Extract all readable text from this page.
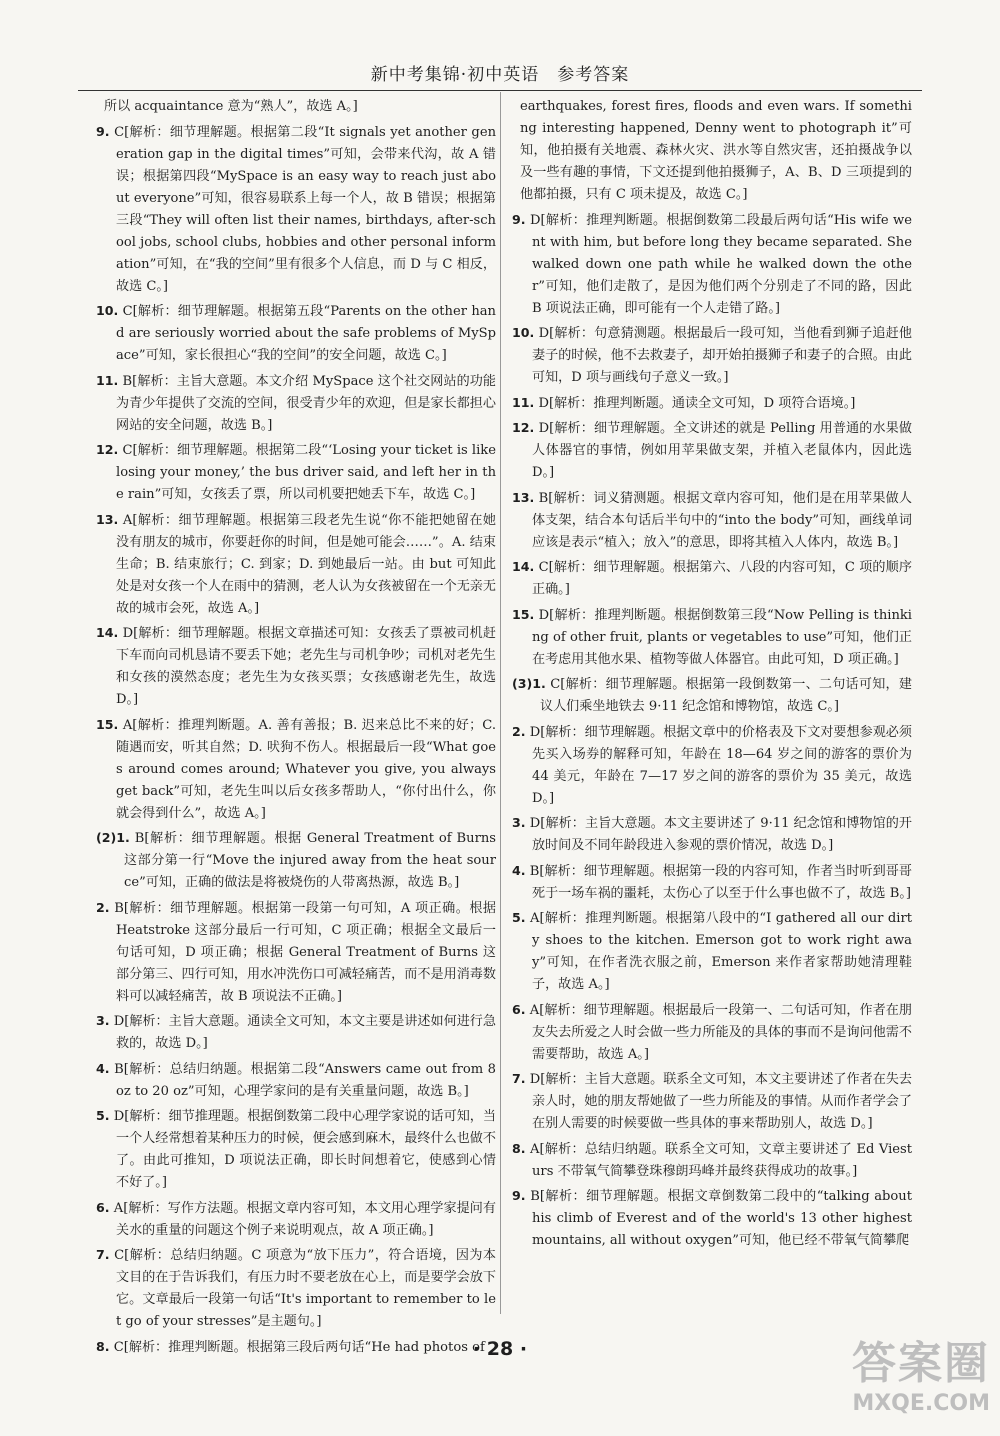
新中考集锦·初中英语　参考答案

所以 acquaintance 意为“熟人”，故选 A。]

9. C[解析：细节理解题。根据第二段“It signals yet another generation gap in the digital times”可知，会带来代沟，故 A 错误；根据第四段“MySpace is an easy way to reach just about everyone”可知，很容易联系上每一个人，故 B 错误；根据第三段“They will often list their names, birthdays, after-school jobs, school clubs, hobbies and other personal information”可知，在“我的空间”里有很多个人信息，而 D 与 C 相反，故选 C。]

10. C[解析：细节理解题。根据第五段“Parents on the other hand are seriously worried about the safe problems of MySpace”可知，家长很担心“我的空间”的安全问题，故选 C。]

11. B[解析：主旨大意题。本文介绍 MySpace 这个社交网站的功能为青少年提供了交流的空间，很受青少年的欢迎，但是家长都担心网站的安全问题，故选 B。]

12. C[解析：细节理解题。根据第二段“‘Losing your ticket is like losing your money,’ the bus driver said, and left her in the rain”可知，女孩丢了票，所以司机要把她丢下车，故选 C。]

13. A[解析：细节理解题。根据第三段老先生说“你不能把她留在她没有朋友的城市，你要赶你的时间，但是她可能会……”。A. 结束生命；B. 结束旅行；C. 到家；D. 到她最后一站。由 but 可知此处是对女孩一个人在雨中的猜测，老人认为女孩被留在一个无亲无故的城市会死，故选 A。]

14. D[解析：细节理解题。根据文章描述可知：女孩丢了票被司机赶下车而向司机恳请不要丢下她；老先生与司机争吵；司机对老先生和女孩的漠然态度；老先生为女孩买票；女孩感谢老先生，故选 D。]

15. A[解析：推理判断题。A. 善有善报；B. 迟来总比不来的好；C. 随遇而安，听其自然；D. 吠狗不伤人。根据最后一段“What goes around comes around; Whatever you give, you always get back”可知，老先生叫以后女孩多帮助人，“你付出什么，你就会得到什么”，故选 A。]

(2)1. B[解析：细节理解题。根据 General Treatment of Burns 这部分第一行“Move the injured away from the heat source”可知，正确的做法是将被烧伤的人带离热源，故选 B。]

2. B[解析：细节理解题。根据第一段第一句可知，A 项正确。根据 Heatstroke 这部分最后一行可知，C 项正确；根据全文最后一句话可知，D 项正确；根据 General Treatment of Burns 这部分第三、四行可知，用水冲洗伤口可减轻痛苦，而不是用消毒数料可以减轻痛苦，故 B 项说法不正确。]

3. D[解析：主旨大意题。通读全文可知，本文主要是讲述如何进行急救的，故选 D。]

4. B[解析：总结归纳题。根据第二段“Answers came out from 8 oz to 20 oz”可知，心理学家问的是有关重量问题，故选 B。]

5. D[解析：细节推理题。根据倒数第二段中心理学家说的话可知，当一个人经常想着某种压力的时候，便会感到麻木，最终什么也做不了。由此可推知，D 项说法正确，即长时间想着它，使感到心情不好了。]

6. A[解析：写作方法题。根据文章内容可知，本文用心理学家提问有关水的重量的问题这个例子来说明观点，故 A 项正确。]

7. C[解析：总结归纳题。C 项意为“放下压力”，符合语境，因为本文目的在于告诉我们，有压力时不要老放在心上，而是要学会放下它。文章最后一段第一句话“It's important to remember to let go of your stresses”是主题句。]

8. C[解析：推理判断题。根据第三段后两句话“He had photos of

earthquakes, forest fires, floods and even wars. If something interesting happened, Denny went to photograph it”可知，他拍摄有关地震、森林火灾、洪水等自然灾害，还拍摄战争以及一些有趣的事情，下文还提到他拍摄狮子，A、B、D 三项提到的他都拍摄，只有 C 项未提及，故选 C。]

9. D[解析：推理判断题。根据倒数第二段最后两句话“His wife went with him, but before long they became separated. She walked down one path while he walked down the other”可知，他们走散了，是因为他们两个分别走了不同的路，因此 B 项说法正确，即可能有一个人走错了路。]

10. D[解析：句意猜测题。根据最后一段可知，当他看到狮子追赶他妻子的时候，他不去救妻子，却开始拍摄狮子和妻子的合照。由此可知，D 项与画线句子意义一致。]

11. D[解析：推理判断题。通读全文可知，D 项符合语境。]

12. D[解析：细节理解题。全文讲述的就是 Pelling 用普通的水果做人体器官的事情，例如用苹果做支架，并植入老鼠体内，因此选 D。]

13. B[解析：词义猜测题。根据文章内容可知，他们是在用苹果做人体支架，结合本句话后半句中的“into the body”可知，画线单词应该是表示“植入；放入”的意思，即将其植入人体内，故选 B。]

14. C[解析：细节理解题。根据第六、八段的内容可知，C 项的顺序正确。]

15. D[解析：推理判断题。根据倒数第三段“Now Pelling is thinking of other fruit, plants or vegetables to use”可知，他们正在考虑用其他水果、植物等做人体器官。由此可知，D 项正确。]

(3)1. C[解析：细节理解题。根据第一段倒数第一、二句话可知，建议人们乘坐地铁去 9·11 纪念馆和博物馆，故选 C。]

2. D[解析：细节理解题。根据文章中的价格表及下文对要想参观必须先买入场券的解释可知，年龄在 18—64 岁之间的游客的票价为 44 美元，年龄在 7—17 岁之间的游客的票价为 35 美元，故选 D。]

3. D[解析：主旨大意题。本文主要讲述了 9·11 纪念馆和博物馆的开放时间及不同年龄段进入参观的票价情况，故选 D。]

4. B[解析：细节理解题。根据第一段的内容可知，作者当时听到哥哥死于一场车祸的噩耗，太伤心了以至于什么事也做不了，故选 B。]

5. A[解析：推理判断题。根据第八段中的“I gathered all our dirty shoes to the kitchen. Emerson got to work right away”可知，在作者洗衣服之前，Emerson 来作者家帮助她清理鞋子，故选 A。]

6. A[解析：细节理解题。根据最后一段第一、二句话可知，作者在朋友失去所爱之人时会做一些力所能及的具体的事而不是询问他需不需要帮助，故选 A。]

7. D[解析：主旨大意题。联系全文可知，本文主要讲述了作者在失去亲人时，她的朋友帮她做了一些力所能及的事情。从而作者学会了在别人需要的时候要做一些具体的事来帮助别人，故选 D。]

8. A[解析：总结归纳题。联系全文可知，文章主要讲述了 Ed Viesturs 不带氧气简攀登珠穆朗玛峰并最终获得成功的故事。]

9. B[解析：细节理解题。根据文章倒数第二段中的“talking about his climb of Everest and of the world's 13 other highest mountains, all without oxygen”可知，他已经不带氧气简攀爬

· 28 ·	答案圈
MXQE.COM
